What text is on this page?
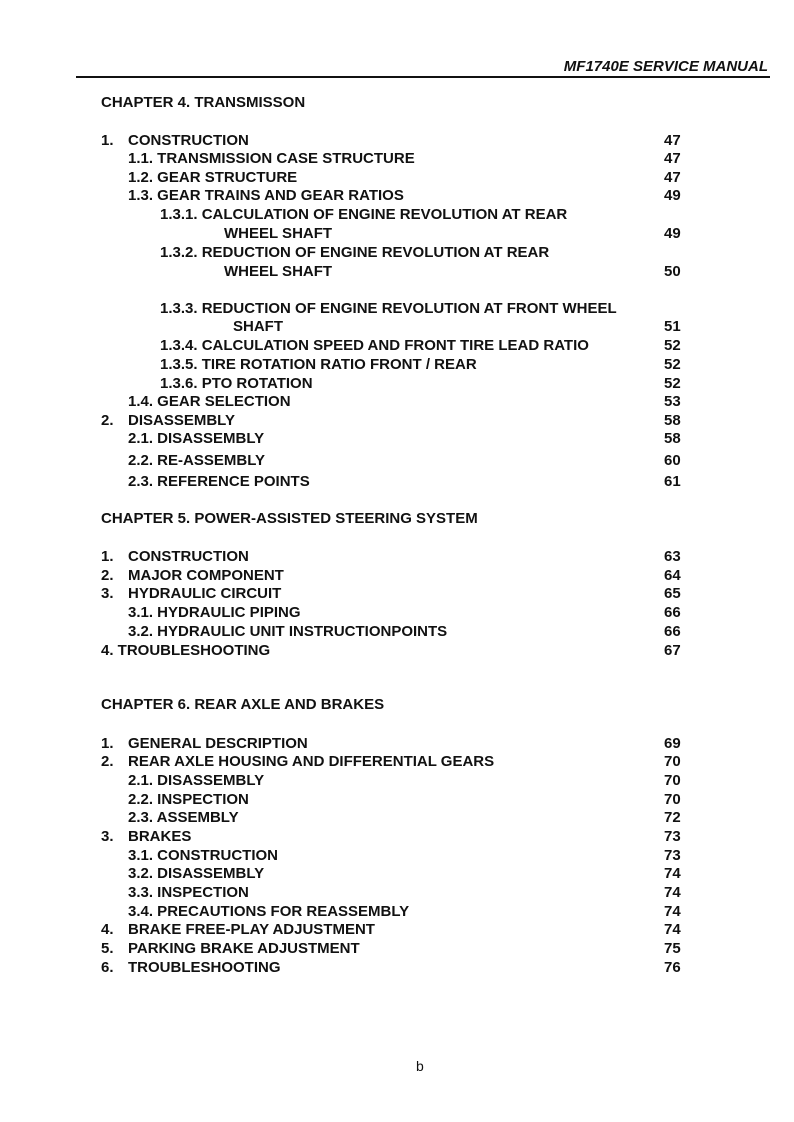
MF1740E SERVICE MANUAL
CHAPTER 4. TRANSMISSON
CHAPTER 5. POWER-ASSISTED STEERING SYSTEM
CHAPTER 6. REAR AXLE AND BRAKES
1. CONSTRUCTION	47
1.1. TRANSMISSION CASE STRUCTURE	47
1.2. GEAR STRUCTURE	47
1.3. GEAR TRAINS AND GEAR RATIOS	49
1.3.1. CALCULATION OF ENGINE REVOLUTION AT REAR
WHEEL SHAFT	49
1.3.2. REDUCTION OF ENGINE REVOLUTION AT REAR
WHEEL SHAFT	50
1.3.3. REDUCTION OF ENGINE REVOLUTION AT FRONT WHEEL
SHAFT	51
1.3.4. CALCULATION SPEED AND FRONT TIRE LEAD RATIO	52
1.3.5. TIRE ROTATION RATIO FRONT / REAR	52
1.3.6. PTO ROTATION	52
1.4. GEAR SELECTION	53
2. DISASSEMBLY	58
2.1. DISASSEMBLY	58
2.2. RE-ASSEMBLY	60
2.3. REFERENCE POINTS	61
1. CONSTRUCTION	63
2. MAJOR COMPONENT	64
3. HYDRAULIC CIRCUIT	65
3.1. HYDRAULIC PIPING	66
3.2. HYDRAULIC UNIT INSTRUCTIONPOINTS	66
4. TROUBLESHOOTING	67
1. GENERAL DESCRIPTION	69
2. REAR AXLE HOUSING AND DIFFERENTIAL GEARS	70
2.1. DISASSEMBLY	70
2.2. INSPECTION	70
2.3. ASSEMBLY	72
3. BRAKES	73
3.1. CONSTRUCTION	73
3.2. DISASSEMBLY	74
3.3. INSPECTION	74
3.4. PRECAUTIONS FOR REASSEMBLY	74
4. BRAKE FREE-PLAY ADJUSTMENT	74
5. PARKING BRAKE ADJUSTMENT	75
6. TROUBLESHOOTING	76
b
